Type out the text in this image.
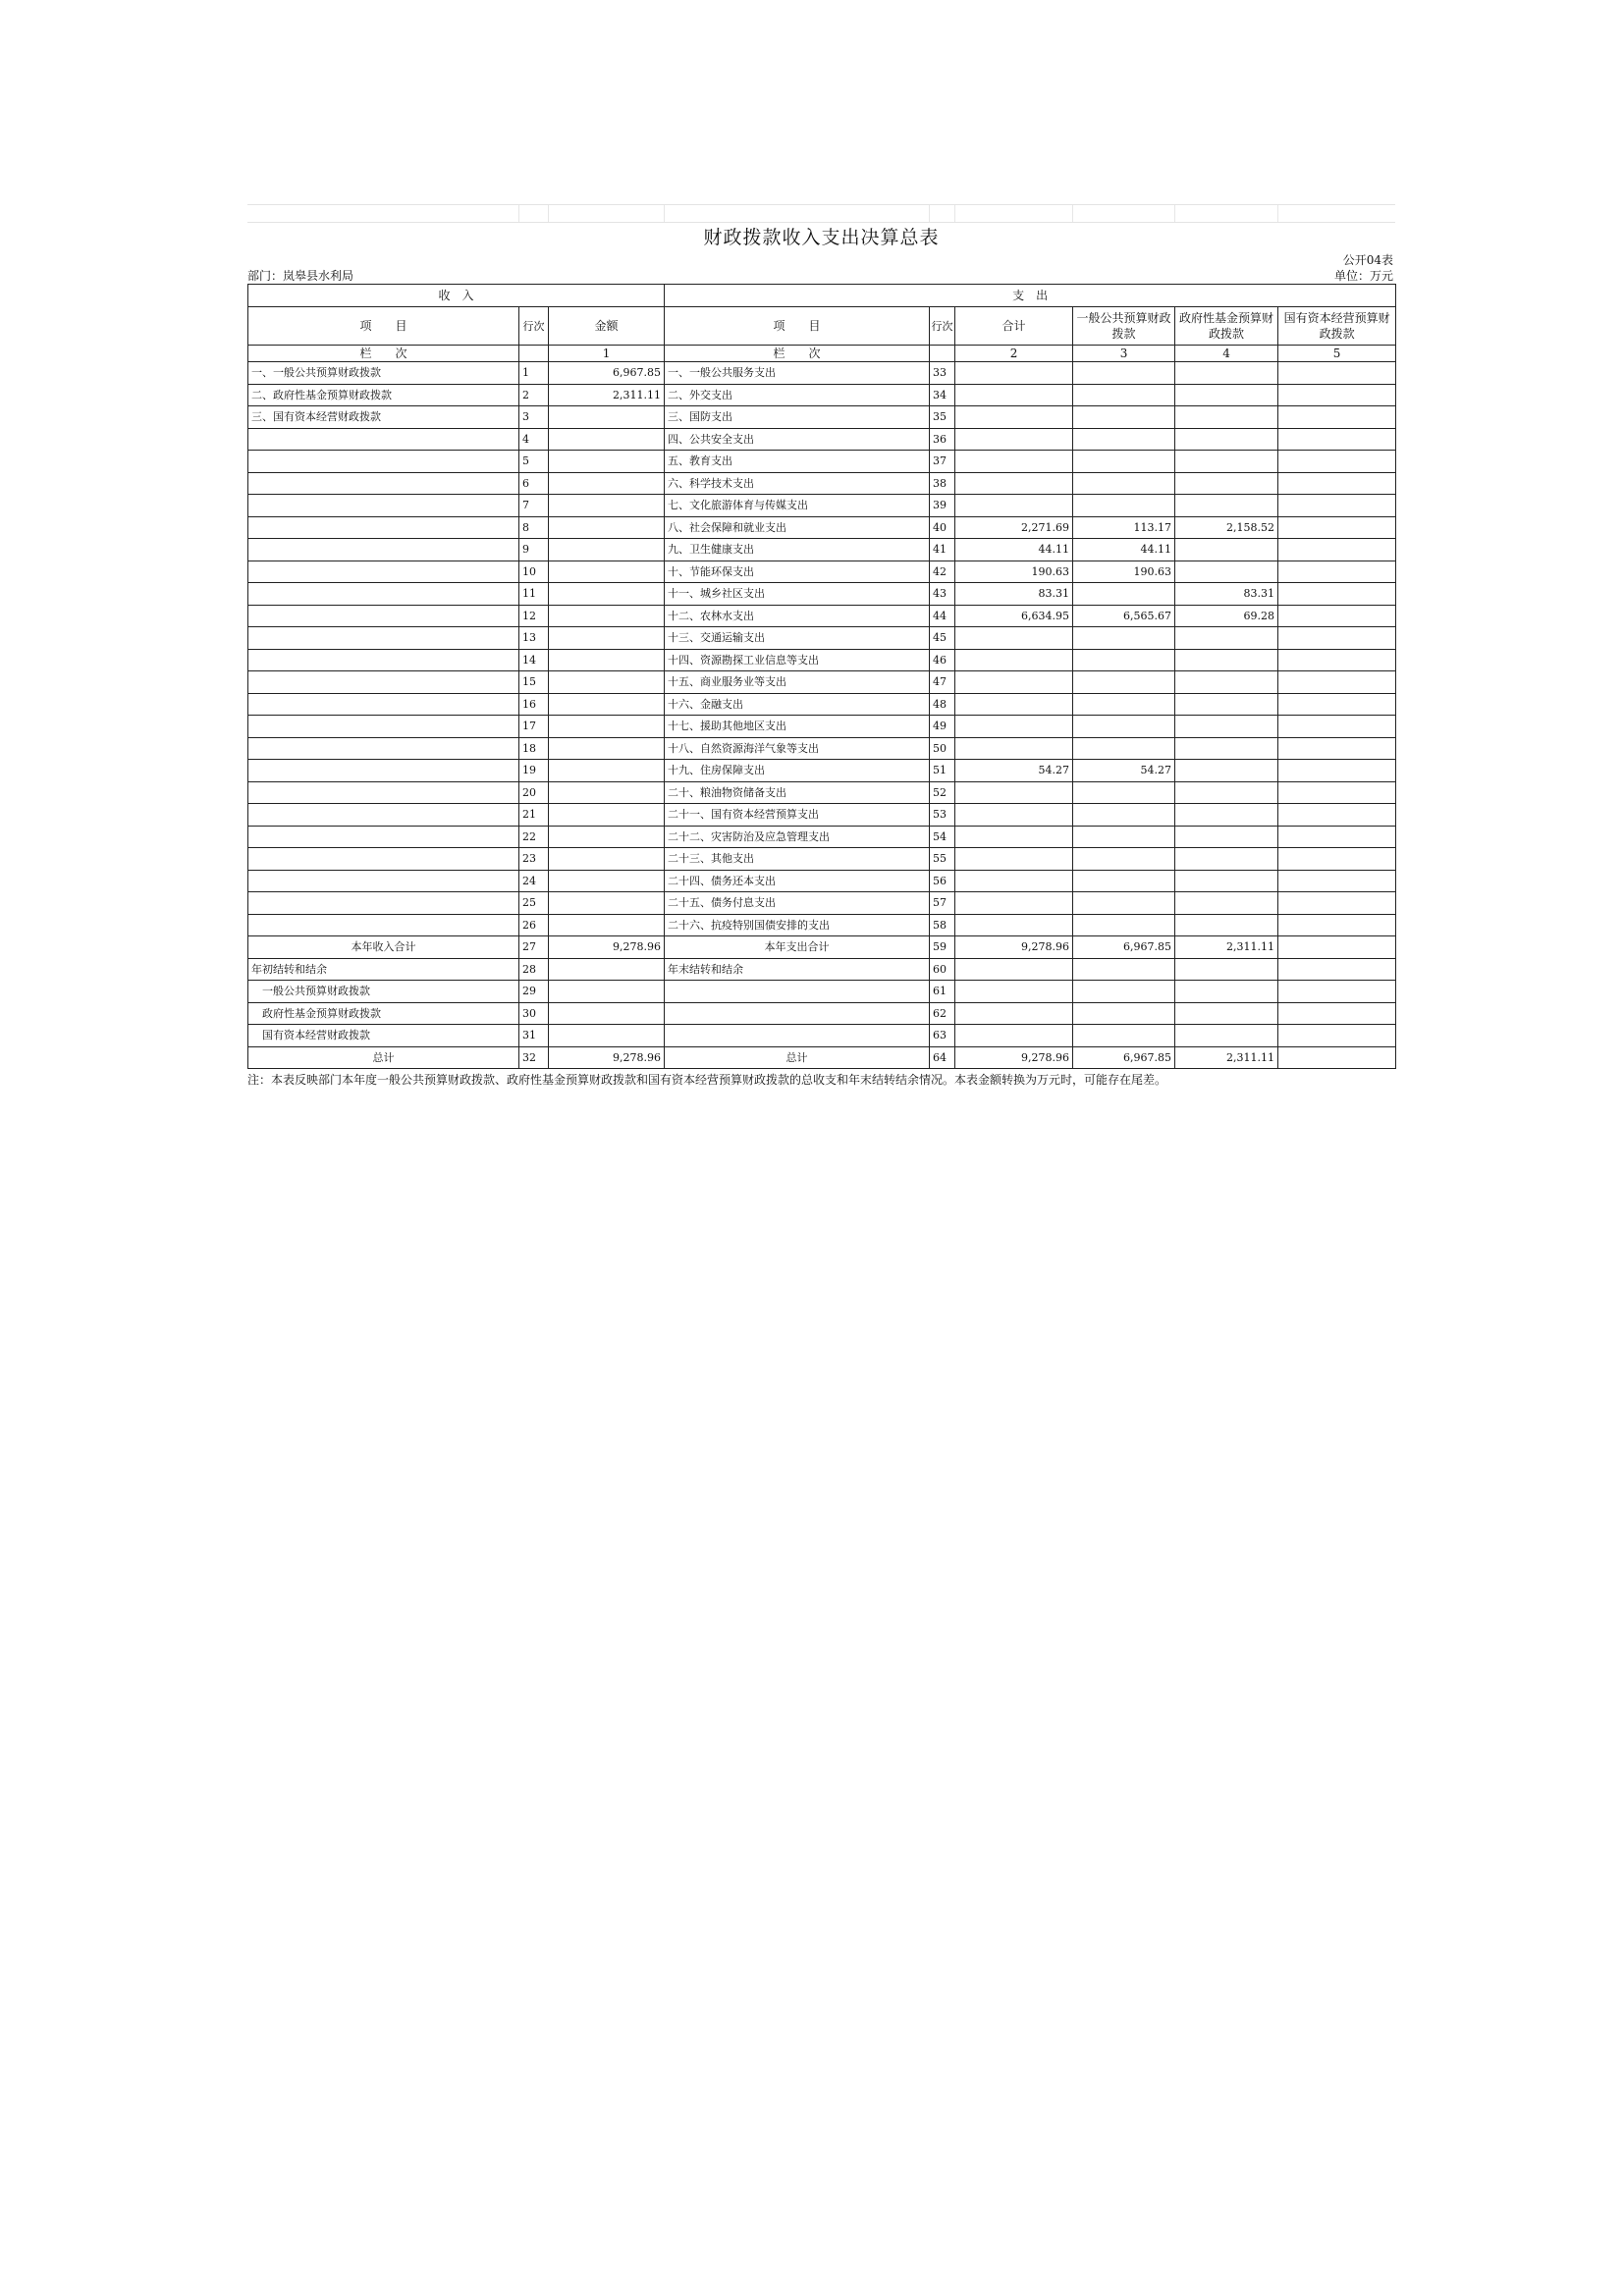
财政拨款收入支出决算总表
公开04表
部门：岚皋县水利局	单位：万元
收　入			支　出					
项　　目	行次	金额	项　　目	行次	合计	一般公共预算财政拨款	政府性基金预算财政拨款	国有资本经营预算财政拨款
栏　　次		1	栏　　次		2	3	4	5
一、一般公共预算财政拨款	1	6,967.85	一、一般公共服务支出	33				
二、政府性基金预算财政拨款	2	2,311.11	二、外交支出	34				
三、国有资本经营财政拨款	3		三、国防支出	35				
	4		四、公共安全支出	36				
	5		五、教育支出	37				
	6		六、科学技术支出	38				
	7		七、文化旅游体育与传媒支出	39				
	8		八、社会保障和就业支出	40	2,271.69	113.17	2,158.52	
	9		九、卫生健康支出	41	44.11	44.11		
	10		十、节能环保支出	42	190.63	190.63		
	11		十一、城乡社区支出	43	83.31		83.31	
	12		十二、农林水支出	44	6,634.95	6,565.67	69.28	
	13		十三、交通运输支出	45				
	14		十四、资源勘探工业信息等支出	46				
	15		十五、商业服务业等支出	47				
	16		十六、金融支出	48				
	17		十七、援助其他地区支出	49				
	18		十八、自然资源海洋气象等支出	50				
	19		十九、住房保障支出	51	54.27	54.27		
	20		二十、粮油物资储备支出	52				
	21		二十一、国有资本经营预算支出	53				
	22		二十二、灾害防治及应急管理支出	54				
	23		二十三、其他支出	55				
	24		二十四、债务还本支出	56				
	25		二十五、债务付息支出	57				
	26		二十六、抗疫特别国债安排的支出	58				
本年收入合计	27	9,278.96	本年支出合计	59	9,278.96	6,967.85	2,311.11	
年初结转和结余	28		年末结转和结余	60				
一般公共预算财政拨款	29			61				
政府性基金预算财政拨款	30			62				
国有资本经营财政拨款	31			63				
总计	32	9,278.96	总计	64	9,278.96	6,967.85	2,311.11	
注：本表反映部门本年度一般公共预算财政拨款、政府性基金预算财政拨款和国有资本经营预算财政拨款的总收支和年末结转结余情况。本表金额转换为万元时，可能存在尾差。
